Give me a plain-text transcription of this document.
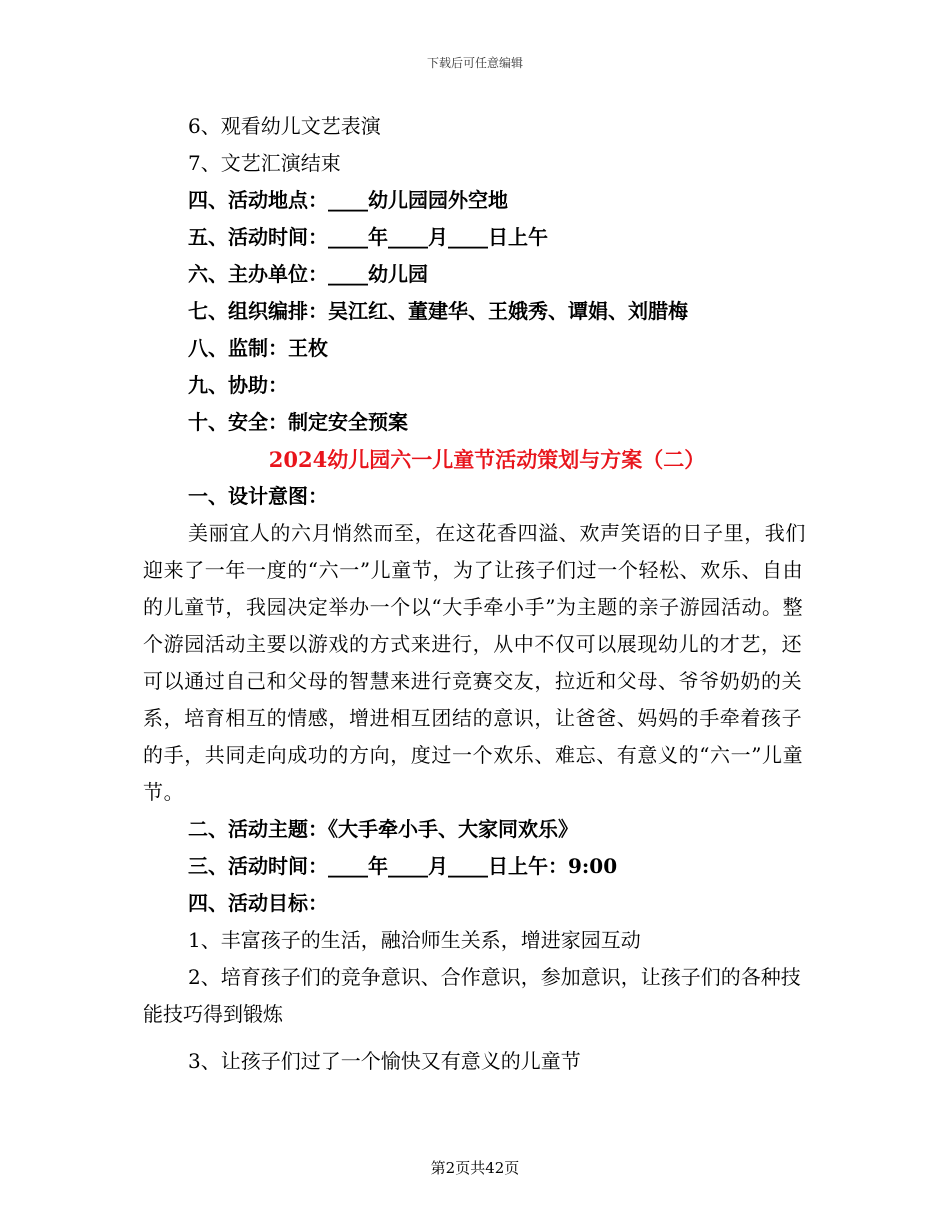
下载后可任意编辑
6、观看幼儿文艺表演
7、文艺汇演结束
四、活动地点：____幼儿园园外空地
五、活动时间：____年____月____日上午
六、主办单位：____幼儿园
七、组织编排：吴江红、董建华、王娥秀、谭娟、刘腊梅
八、监制：王枚
九、协助：
十、安全：制定安全预案
2024幼儿园六一儿童节活动策划与方案（二）
一、设计意图：
美丽宜人的六月悄然而至，在这花香四溢、欢声笑语的日子里，我们迎来了一年一度的“六一”儿童节，为了让孩子们过一个轻松、欢乐、自由的儿童节，我园决定举办一个以“大手牵小手”为主题的亲子游园活动。整个游园活动主要以游戏的方式来进行，从中不仅可以展现幼儿的才艺，还可以通过自己和父母的智慧来进行竞赛交友，拉近和父母、爷爷奶奶的关系，培育相互的情感，增进相互团结的意识，让爸爸、妈妈的手牵着孩子的手，共同走向成功的方向，度过一个欢乐、难忘、有意义的“六一”儿童节。
二、活动主题：《大手牵小手、大家同欢乐》
三、活动时间：____年____月____日上午：9:00
四、活动目标：
1、丰富孩子的生活，融洽师生关系，增进家园互动
2、培育孩子们的竞争意识、合作意识，参加意识，让孩子们的各种技能技巧得到锻炼
3、让孩子们过了一个愉快又有意义的儿童节
第2页共42页
